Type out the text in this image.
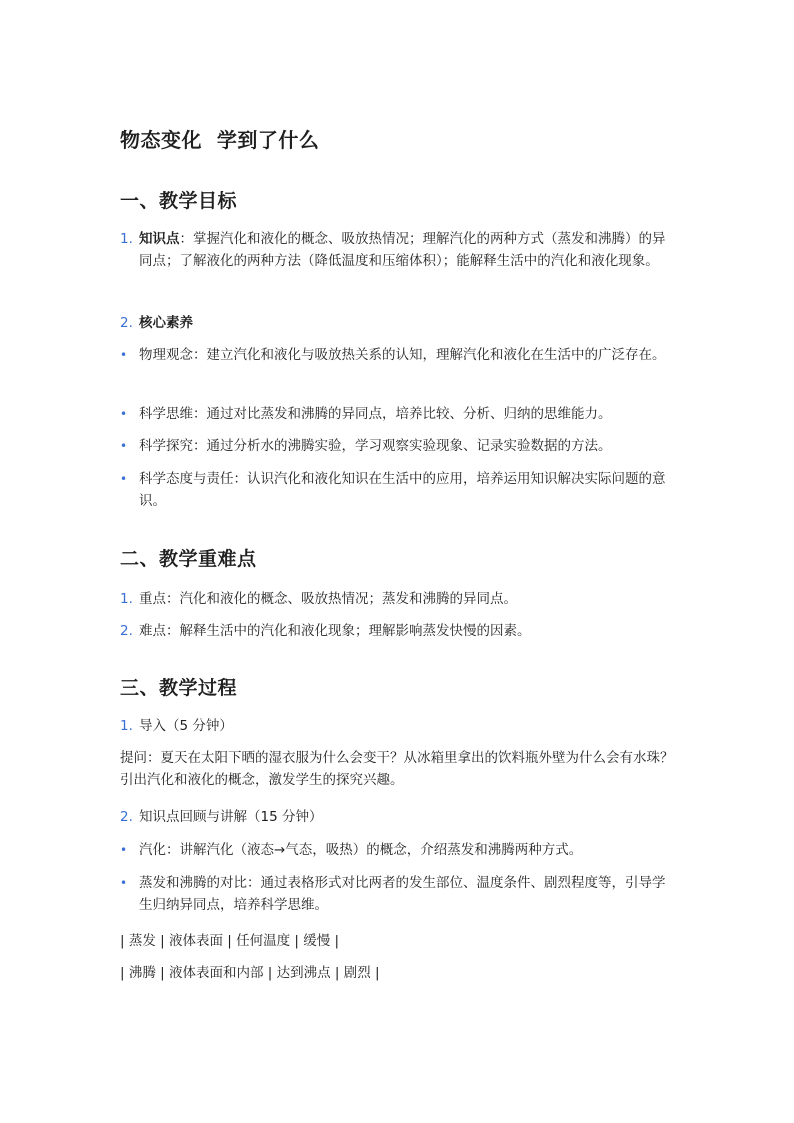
物态变化  学到了什么
一、教学目标
1. 知识点：掌握汽化和液化的概念、吸放热情况；理解汽化的两种方式（蒸发和沸腾）的异同点；了解液化的两种方法（降低温度和压缩体积）；能解释生活中的汽化和液化现象。
2. 核心素养
• 物理观念：建立汽化和液化与吸放热关系的认知，理解汽化和液化在生活中的广泛存在。
• 科学思维：通过对比蒸发和沸腾的异同点，培养比较、分析、归纳的思维能力。
• 科学探究：通过分析水的沸腾实验，学习观察实验现象、记录实验数据的方法。
• 科学态度与责任：认识汽化和液化知识在生活中的应用，培养运用知识解决实际问题的意识。
二、教学重难点
1. 重点：汽化和液化的概念、吸放热情况；蒸发和沸腾的异同点。
2. 难点：解释生活中的汽化和液化现象；理解影响蒸发快慢的因素。
三、教学过程
1. 导入（5 分钟）
提问：夏天在太阳下晒的湿衣服为什么会变干？从冰箱里拿出的饮料瓶外壁为什么会有水珠？引出汽化和液化的概念，激发学生的探究兴趣。
2. 知识点回顾与讲解（15 分钟）
• 汽化：讲解汽化（液态→气态，吸热）的概念，介绍蒸发和沸腾两种方式。
• 蒸发和沸腾的对比：通过表格形式对比两者的发生部位、温度条件、剧烈程度等，引导学生归纳异同点，培养科学思维。
| 蒸发 | 液体表面 | 任何温度 | 缓慢 |
| 沸腾 | 液体表面和内部 | 达到沸点 | 剧烈 |
